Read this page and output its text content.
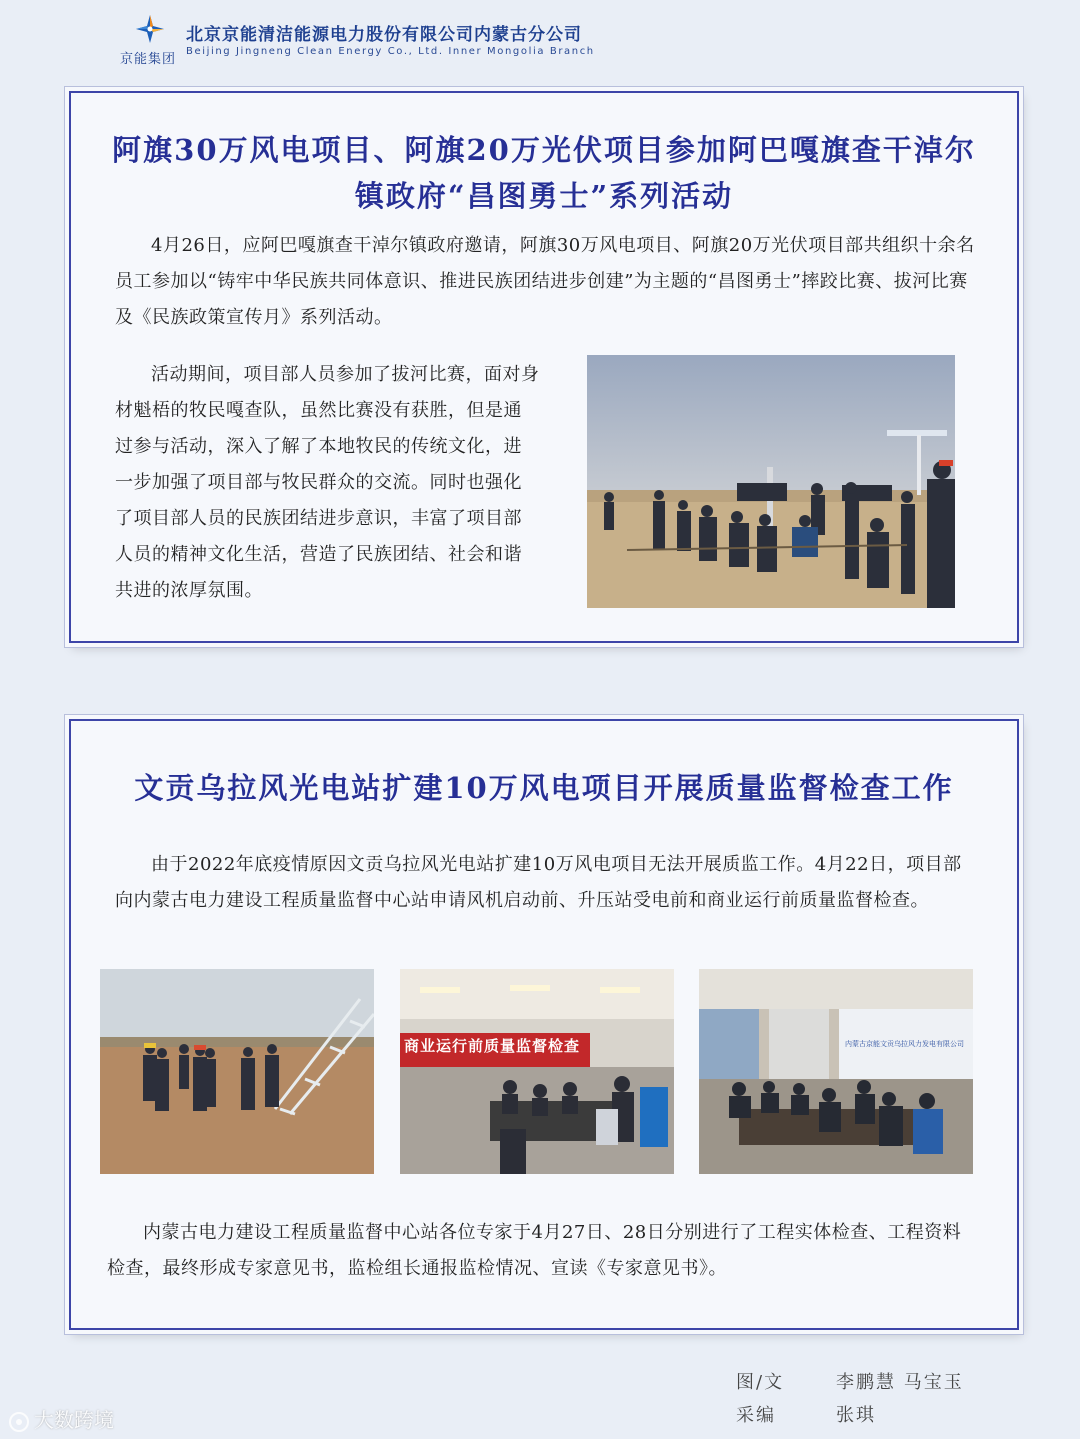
京能集团
北京京能清洁能源电力股份有限公司内蒙古分公司
Beijing Jingneng Clean Energy Co., Ltd. Inner Mongolia Branch
阿旗30万风电项目、阿旗20万光伏项目参加阿巴嘎旗查干淖尔
镇政府“昌图勇士”系列活动

4月26日，应阿巴嘎旗查干淖尔镇政府邀请，阿旗30万风电项目、阿旗20万光伏项目部共组织十余名员工参加以“铸牢中华民族共同体意识、推进民族团结进步创建”为主题的“昌图勇士”摔跤比赛、拔河比赛及《民族政策宣传月》系列活动。

活动期间，项目部人员参加了拔河比赛，面对身材魁梧的牧民嘎查队，虽然比赛没有获胜，但是通过参与活动，深入了解了本地牧民的传统文化，进一步加强了项目部与牧民群众的交流。同时也强化了项目部人员的民族团结进步意识，丰富了项目部人员的精神文化生活，营造了民族团结、社会和谐共进的浓厚氛围。

文贡乌拉风光电站扩建10万风电项目开展质量监督检查工作

由于2022年底疫情原因文贡乌拉风光电站扩建10万风电项目无法开展质监工作。4月22日，项目部向内蒙古电力建设工程质量监督中心站申请风机启动前、升压站受电前和商业运行前质量监督检查。

商业运行前质量监督检查	内蒙古京能文贡乌拉风力发电有限公司

内蒙古电力建设工程质量监督中心站各位专家于4月27日、28日分别进行了工程实体检查、工程资料检查，最终形成专家意见书，监检组长通报监检情况、宣读《专家意见书》。

图/文	李鹏慧 马宝玉
采编	张琪
大数跨境
